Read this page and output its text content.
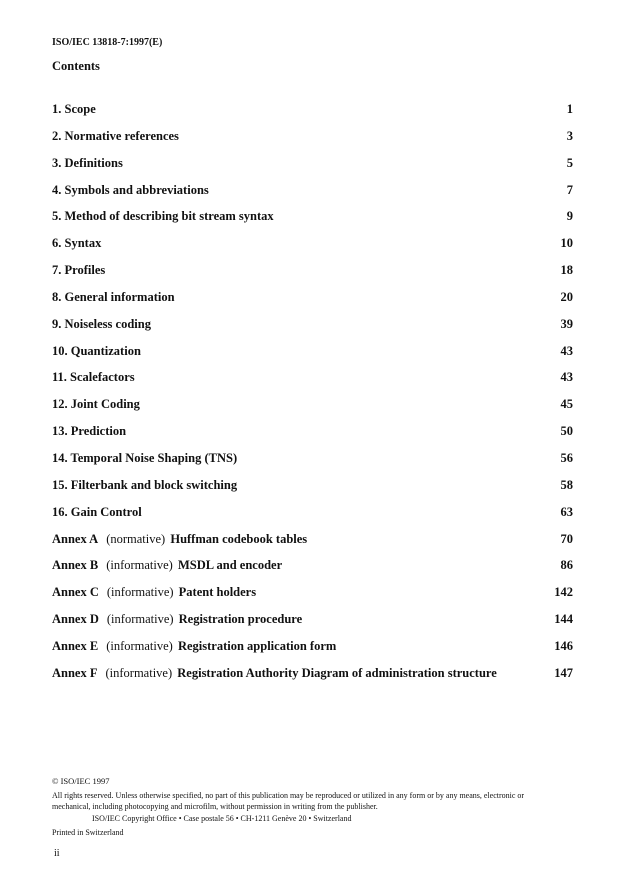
ISO/IEC 13818-7:1997(E)
Contents
1. Scope	1
2. Normative references	3
3. Definitions	5
4. Symbols and abbreviations	7
5. Method of describing bit stream syntax	9
6. Syntax	10
7. Profiles	18
8. General information	20
9. Noiseless coding	39
10. Quantization	43
11. Scalefactors	43
12. Joint Coding	45
13. Prediction	50
14. Temporal Noise Shaping (TNS)	56
15. Filterbank and block switching	58
16. Gain Control	63
Annex A (normative) Huffman codebook tables	70
Annex B (informative) MSDL and encoder	86
Annex C (informative) Patent holders	142
Annex D (informative) Registration procedure	144
Annex E (informative) Registration application form	146
Annex F (informative) Registration Authority Diagram of administration structure	147
© ISO/IEC 1997
All rights reserved. Unless otherwise specified, no part of this publication may be reproduced or utilized in any form or by any means, electronic or
mechanical, including photocopying and microfilm, without permission in writing from the publisher.
ISO/IEC Copyright Office • Case postale 56 • CH-1211 Genève 20 • Switzerland
Printed in Switzerland
ii
